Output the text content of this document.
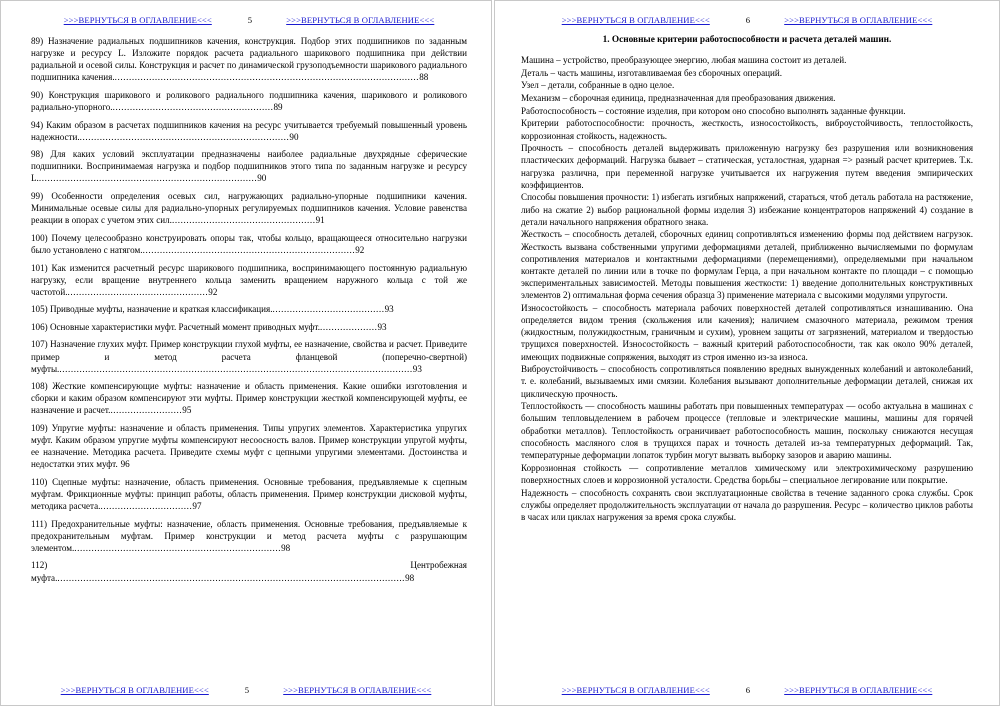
>>>ВЕРНУТЬСЯ В ОГЛАВЛЕНИЕ<<<	5	>>>ВЕРНУТЬСЯ В ОГЛАВЛЕНИЕ<<<
89) Назначение радиальных подшипников качения, конструкция. Подбор этих подшипников по заданным нагрузке и ресурсу L. Изложите порядок расчета радиального шарикового подшипника при действии радиальной и осевой силы. Конструкция и расчет по динамической грузоподъемности шарикового радиального подшипника качения...........................................................................................................88
90) Конструкция шарикового и роликового радиального подшипника качения, шарикового и роликового радиально-упорного.........................................................89
94) Каким образом в расчетах подшипников качения на ресурс учитывается требуемый повышенный уровень надежности..........................................................................90
98) Для каких условий эксплуатации предназначены наиболее радиальные двухрядные сферические подшипники. Воспринимаемая нагрузка и подбор подшипников этого типа по заданным нагрузке и ресурсу L.............................................................................90
99) Особенности определения осевых сил, нагружающих радиально-упорные подшипники качения. Минимальные осевые силы для радиально-упорных регулируемых подшипников качения. Условие равенства реакции в опорах с учетом этих сил...................................................91
100) Почему целесообразно конструировать опоры так, чтобы кольцо, вращающееся относительно нагрузки было установлено с натягом...........................................................................92
101) Как изменится расчетный ресурс шарикового подшипника, воспринимающего постоянную радиальную нагрузку, если вращение внутреннего кольца заменить вращением наружного кольца с той же частотой..................................................92
105) Приводные муфты, назначение и краткая классификация........................................93
106) Основные характеристики муфт. Расчетный момент приводных муфт.....................93
107) Назначение глухих муфт. Пример конструкции глухой муфты, ее назначение, свойства и расчет. Приведите пример и метод расчета фланцевой (поперечно-свертной) муфты............................................................................................................................93
108) Жесткие компенсирующие муфты: назначение и область применения. Какие ошибки изготовления и сборки и каким образом компенсируют эти муфты. Пример конструкции жесткой компенсирующей муфты, ее назначение и расчет..........................95
109) Упругие муфты: назначение и область применения. Типы упругих элементов. Характеристика упругих муфт. Каким образом упругие муфты компенсируют несоосность валов. Пример конструкции упругой муфты, ее назначение. Методика расчета. Приведите схемы муфт с цепными упругими элементами. Достоинства и недостатки этих муфт. 96
110) Сцепные муфты: назначение, область применения. Основные требования, предъявляемые к сцепным муфтам. Фрикционные муфты: принцип работы, область применения. Пример конструкции дисковой муфты, методика расчета.................................97
111) Предохранительные муфты: назначение, область применения. Основные требования, предъявляемые к предохранительным муфтам. Пример конструкции и метод расчета муфты с разрушающим элементом.........................................................................98
112) Центробежная муфта..........................................................................................................................98
>>>ВЕРНУТЬСЯ В ОГЛАВЛЕНИЕ<<<	5	>>>ВЕРНУТЬСЯ В ОГЛАВЛЕНИЕ<<<
>>>ВЕРНУТЬСЯ В ОГЛАВЛЕНИЕ<<<	6	>>>ВЕРНУТЬСЯ В ОГЛАВЛЕНИЕ<<<
1. Основные критерии работоспособности и расчета деталей машин.

Машина – устройство, преобразующее энергию, любая машина состоит из деталей.

Деталь – часть машины, изготавливаемая без сборочных операций.

Узел – детали, собранные в одно целое.

Механизм – сборочная единица, предназначенная для преобразования движения.

Работоспособность – состояние изделия, при котором оно способно выполнять заданные функции.

Критерии работоспособности: прочность, жесткость, износостойкость, виброустойчивость, теплостойкость, коррозионная стойкость, надежность.

Прочность – способность деталей выдерживать приложенную нагрузку без разрушения или возникновения пластических деформаций. Нагрузка бывает – статическая, усталостная, ударная => разный расчет критериев. Т.к. нагрузка различна, при переменной нагрузке учитывается их нагружения путем введения эмпирических коэффициентов.

Способы повышения прочности: 1) избегать изгибных напряжений, стараться, чтоб деталь работала на растяжение, либо на сжатие 2) выбор рациональной формы изделия 3) избежание концентраторов напряжений 4) создание в детали начального напряжения обратного знака.

Жесткость – способность деталей, сборочных единиц сопротивляться изменению формы под действием нагрузок. Жесткость вызвана собственными упругими деформациями деталей, приближенно вычисляемыми по формулам сопротивления материалов и контактными деформациями (перемещениями), определяемыми при начальном контакте деталей по линии или в точке по формулам Герца, а при начальном контакте по площади – с помощью экспериментальных зависимостей. Методы повышения жесткости: 1) введение дополнительных конструктивных элементов 2) оптимальная форма сечения образца 3) применение материала с высокими модулями упругости.

Износостойкость – способность материала рабочих поверхностей деталей сопротивляться изнашиванию. Она определяется видом трения (скольжения или качения); наличием смазочного материала, режимом трения (жидкостным, полужидкостным, граничным и сухим), уровнем защиты от загрязнений, материалом и твердостью трущихся поверхностей. Износостойкость – важный критерий работоспособности, так как около 90% деталей, имеющих подвижные сопряжения, выходят из строя именно из-за износа.

Виброустойчивость – способность сопротивляться появлению вредных вынужденных колебаний и автоколебаний, т. е. колебаний, вызываемых ими смязии. Колебания вызывают дополнительные деформации деталей, снижая их циклическую прочность.

Теплостойкость — способность машины работать при повышенных температурах — особо актуальна в машинах с большим тепловыделением в рабочем процессе (тепловые и электрические машины, машины для горячей обработки металлов). Теплостойкость ограничивает работоспособность машин, поскольку снижаются несущая способность масляного слоя в трущихся парах и точность деталей из-за температурных деформаций. Так, температурные деформации лопаток турбин могут вызвать выборку зазоров и аварию машины.

Коррозионная стойкость — сопротивление металлов химическому или электрохимическому разрушению поверхностных слоев и коррозионной усталости. Средства борьбы – специальное легирование или покрытие.

Надежность – способность сохранять свои эксплуатационные свойства в течение заданного срока службы. Срок службы определяет продолжительность эксплуатации от начала до разрушения. Ресурс – количество циклов работы в часах или циклах нагружения за время срока службы.

>>>ВЕРНУТЬСЯ В ОГЛАВЛЕНИЕ<<<	6	>>>ВЕРНУТЬСЯ В ОГЛАВЛЕНИЕ<<<
